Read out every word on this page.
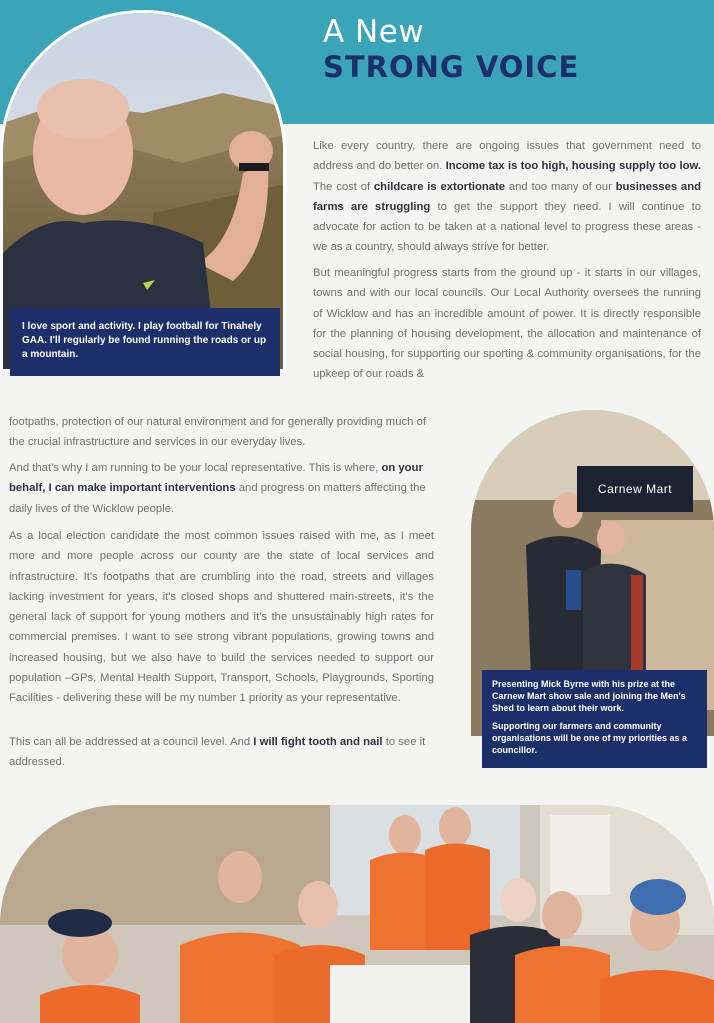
A New
STRONG VOICE
I love sport and activity. I play football for Tinahely GAA. I'll regularly be found running the roads or up a mountain.
Carnew Mart

Presenting Mick Byrne with his prize at the Carnew Mart show sale and joining the Men's Shed to learn about their work.

Supporting our farmers and community organisations will be one of my priorities as a councillor.

Like every country, there are ongoing issues that government need to address and do better on. Income tax is too high, housing supply too low. The cost of childcare is extortionate and too many of our businesses and farms are struggling to get the support they need. I will continue to advocate for action to be taken at a national level to progress these areas - we as a country, should always strive for better.

But meaningful progress starts from the ground up - it starts in our villages, towns and with our local councils. Our Local Authority oversees the running of Wicklow and has an incredible amount of power. It is directly responsible for the planning of housing development, the allocation and maintenance of social housing, for supporting our sporting & community organisations, for the upkeep of our roads &

footpaths, protection of our natural environment and for generally providing much of the crucial infrastructure and services in our everyday lives.

And that's why I am running to be your local representative. This is where, on your behalf, I can make important interventions and progress on matters affecting the daily lives of the Wicklow people.

As a local election candidate the most common issues raised with me, as I meet more and more people across our county are the state of local services and infrastructure. It's footpaths that are crumbling into the road, streets and villages lacking investment for years, it's closed shops and shuttered main-streets, it's the general lack of support for young mothers and it's the unsustainably high rates for commercial premises. I want to see strong vibrant populations, growing towns and increased housing, but we also have to build the services needed to support our population –GPs, Mental Health Support, Transport, Schools, Playgrounds, Sporting Facilities - delivering these will be my number 1 priority as your representative.

This can all be addressed at a council level. And I will fight tooth and nail to see it addressed.
